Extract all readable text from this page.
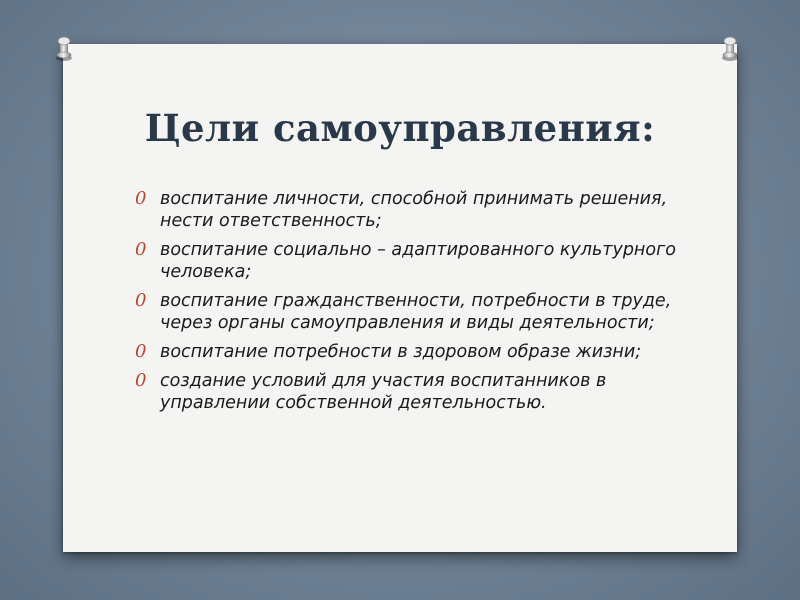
Цели самоуправления:
0 воспитание личности, способной принимать решения, нести ответственность;
0 воспитание социально – адаптированного культурного человека;
0 воспитание гражданственности, потребности в труде, через органы самоуправления и виды деятельности;
0 воспитание потребности в здоровом образе жизни;
0 создание условий для участия воспитанников в управлении собственной деятельностью.
